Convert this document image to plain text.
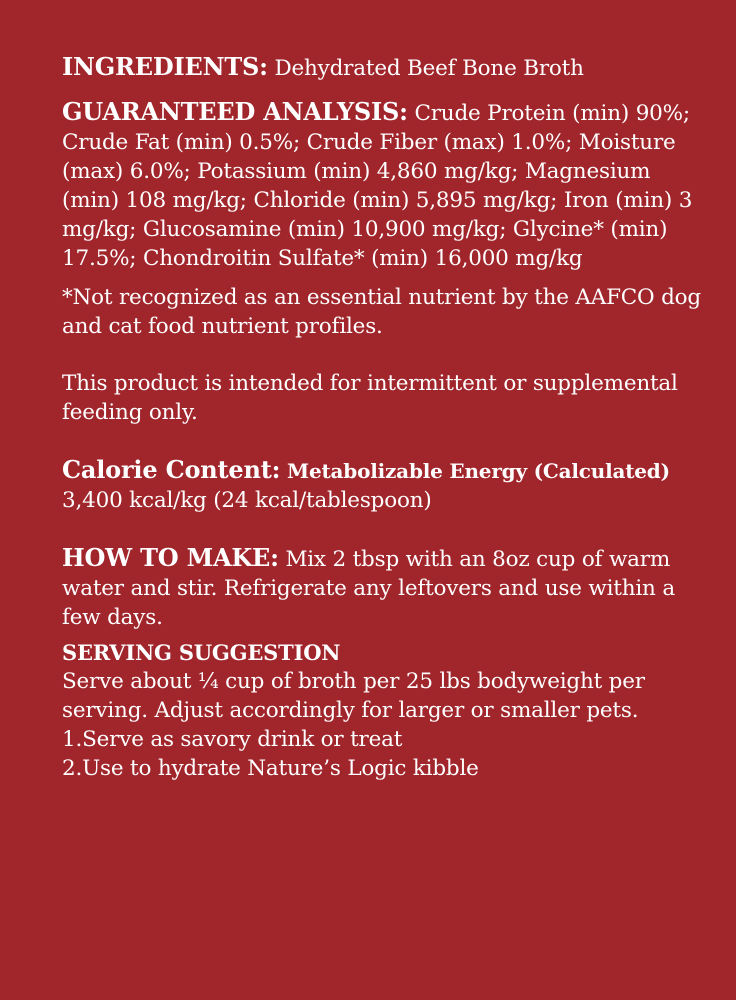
INGREDIENTS: Dehydrated Beef Bone Broth

GUARANTEED ANALYSIS: Crude Protein (min) 90%; Crude Fat (min) 0.5%; Crude Fiber (max) 1.0%; Moisture (max) 6.0%; Potassium (min) 4,860 mg/kg; Magnesium (min) 108 mg/kg; Chloride (min) 5,895 mg/kg; Iron (min) 3 mg/kg; Glucosamine (min) 10,900 mg/kg; Glycine* (min) 17.5%; Chondroitin Sulfate* (min) 16,000 mg/kg

*Not recognized as an essential nutrient by the AAFCO dog and cat food nutrient profiles.

This product is intended for intermittent or supplemental feeding only.

Calorie Content: Metabolizable Energy (Calculated)
3,400 kcal/kg (24 kcal/tablespoon)

HOW TO MAKE: Mix 2 tbsp with an 8oz cup of warm water and stir. Refrigerate any leftovers and use within a few days.

SERVING SUGGESTION

Serve about ¼ cup of broth per 25 lbs bodyweight per serving. Adjust accordingly for larger or smaller pets.

1.Serve as savory drink or treat

2.Use to hydrate Nature’s Logic kibble
